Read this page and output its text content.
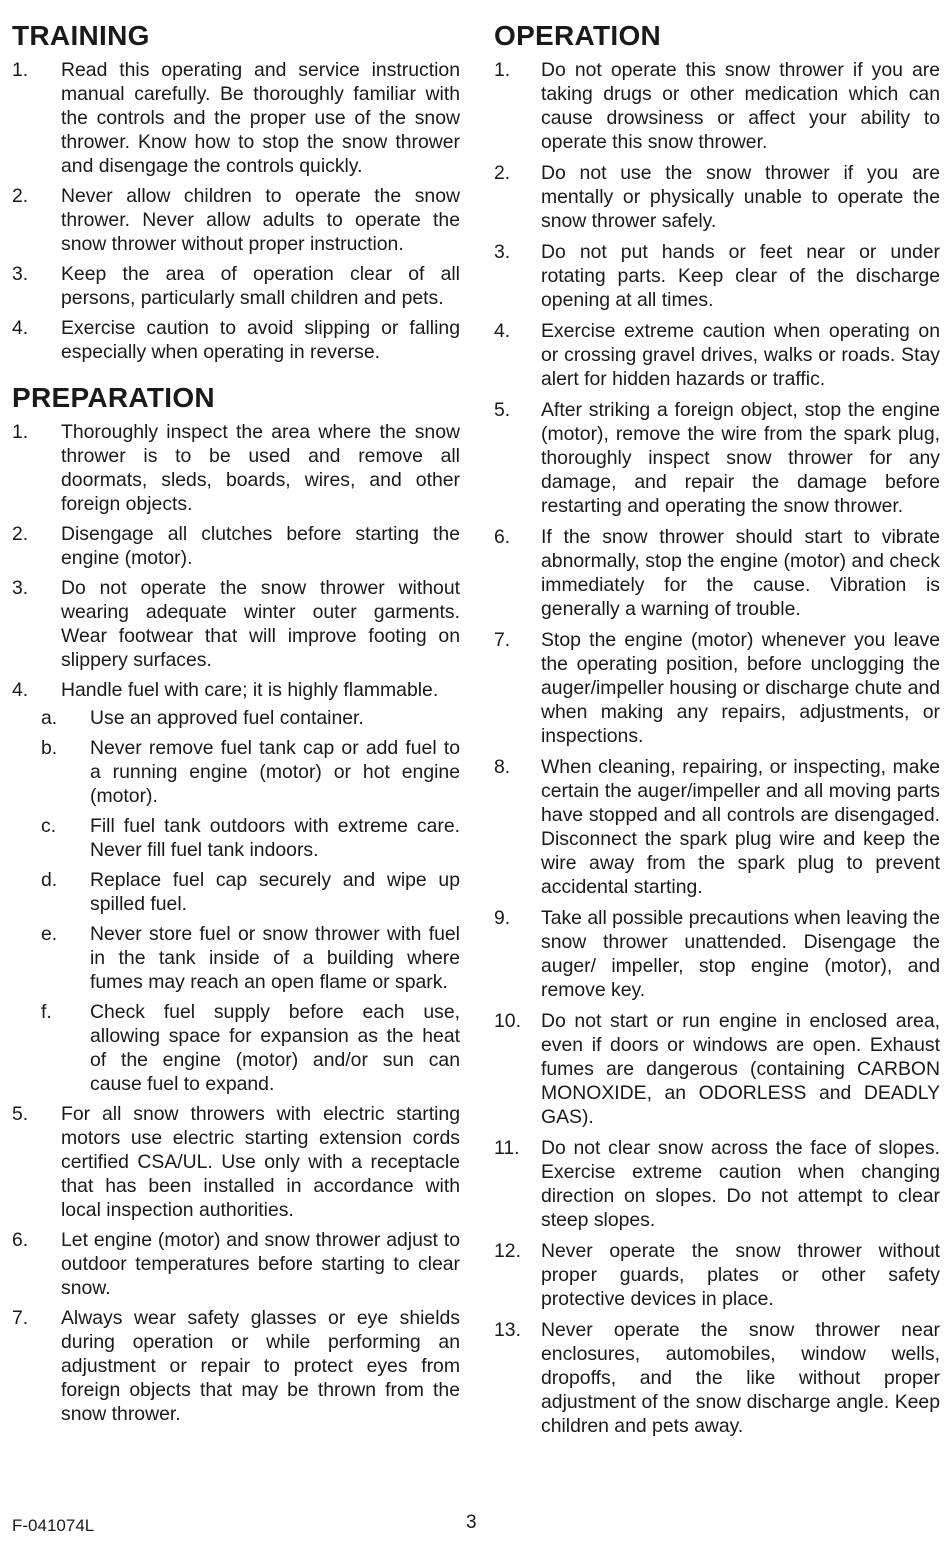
TRAINING
1. Read this operating and service instruction manual carefully. Be thoroughly familiar with the controls and the proper use of the snow thrower. Know how to stop the snow thrower and disengage the controls quickly.
2. Never allow children to operate the snow thrower. Never allow adults to operate the snow thrower without proper instruction.
3. Keep the area of operation clear of all persons, particularly small children and pets.
4. Exercise caution to avoid slipping or falling especially when operating in reverse.
PREPARATION
1. Thoroughly inspect the area where the snow thrower is to be used and remove all doormats, sleds, boards, wires, and other foreign objects.
2. Disengage all clutches before starting the engine (motor).
3. Do not operate the snow thrower without wearing adequate winter outer garments. Wear footwear that will improve footing on slippery surfaces.
4. Handle fuel with care; it is highly flammable.
a. Use an approved fuel container.
b. Never remove fuel tank cap or add fuel to a running engine (motor) or hot engine (motor).
c. Fill fuel tank outdoors with extreme care. Never fill fuel tank indoors.
d. Replace fuel cap securely and wipe up spilled fuel.
e. Never store fuel or snow thrower with fuel in the tank inside of a building where fumes may reach an open flame or spark.
f. Check fuel supply before each use, allowing space for expansion as the heat of the engine (motor) and/or sun can cause fuel to expand.
5. For all snow throwers with electric starting motors use electric starting extension cords certified CSA/UL. Use only with a receptacle that has been installed in accordance with local inspection authorities.
6. Let engine (motor) and snow thrower adjust to outdoor temperatures before starting to clear snow.
7. Always wear safety glasses or eye shields during operation or while performing an adjustment or repair to protect eyes from foreign objects that may be thrown from the snow thrower.
OPERATION
1. Do not operate this snow thrower if you are taking drugs or other medication which can cause drowsiness or affect your ability to operate this snow thrower.
2. Do not use the snow thrower if you are mentally or physically unable to operate the snow thrower safely.
3. Do not put hands or feet near or under rotating parts. Keep clear of the discharge opening at all times.
4. Exercise extreme caution when operating on or crossing gravel drives, walks or roads. Stay alert for hidden hazards or traffic.
5. After striking a foreign object, stop the engine (motor), remove the wire from the spark plug, thoroughly inspect snow thrower for any damage, and repair the damage before restarting and operating the snow thrower.
6. If the snow thrower should start to vibrate abnormally, stop the engine (motor) and check immediately for the cause. Vibration is generally a warning of trouble.
7. Stop the engine (motor) whenever you leave the operating position, before unclogging the auger/impeller housing or discharge chute and when making any repairs, adjustments, or inspections.
8. When cleaning, repairing, or inspecting, make certain the auger/impeller and all moving parts have stopped and all controls are disengaged. Disconnect the spark plug wire and keep the wire away from the spark plug to prevent accidental starting.
9. Take all possible precautions when leaving the snow thrower unattended. Disengage the auger/ impeller, stop engine (motor), and remove key.
10. Do not start or run engine in enclosed area, even if doors or windows are open. Exhaust fumes are dangerous (containing CARBON MONOXIDE, an ODORLESS and DEADLY GAS).
11. Do not clear snow across the face of slopes. Exercise extreme caution when changing direction on slopes. Do not attempt to clear steep slopes.
12. Never operate the snow thrower without proper guards, plates or other safety protective devices in place.
13. Never operate the snow thrower near enclosures, automobiles, window wells, dropoffs, and the like without proper adjustment of the snow discharge angle. Keep children and pets away.
F-041074L	3
